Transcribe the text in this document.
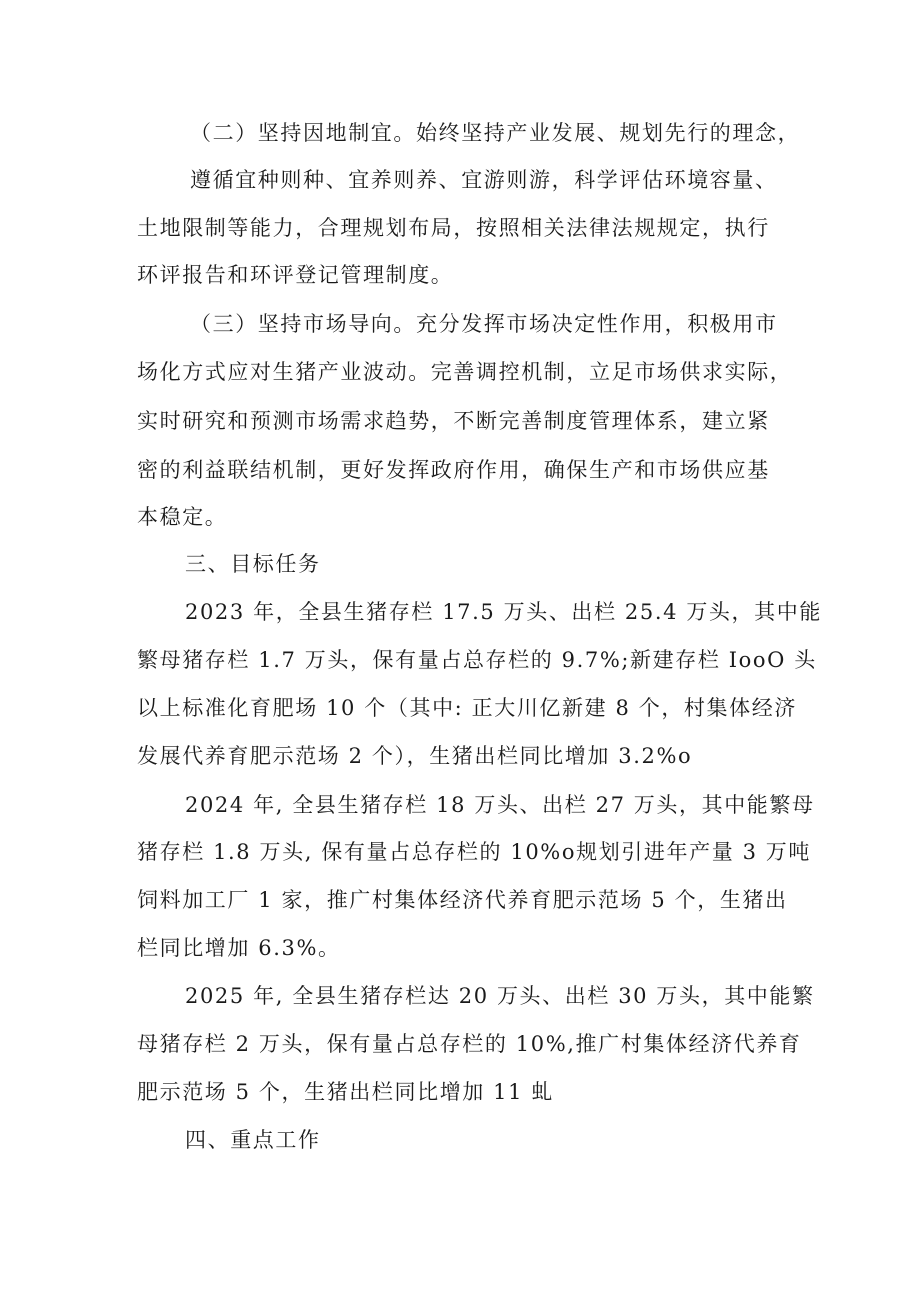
（二）坚持因地制宜。始终坚持产业发展、规划先行的理念，
遵循宜种则种、宜养则养、宜游则游，科学评估环境容量、
土地限制等能力，合理规划布局，按照相关法律法规规定，执行
环评报告和环评登记管理制度。
（三）坚持市场导向。充分发挥市场决定性作用，积极用市
场化方式应对生猪产业波动。完善调控机制，立足市场供求实际，
实时研究和预测市场需求趋势，不断完善制度管理体系，建立紧
密的利益联结机制，更好发挥政府作用，确保生产和市场供应基
本稳定。
三、目标任务
2023 年，全县生猪存栏 17.5 万头、出栏 25.4 万头，其中能
繁母猪存栏 1.7 万头，保有量占总存栏的 9.7%;新建存栏 IooO 头
以上标准化育肥场 10 个（其中: 正大川亿新建 8 个，村集体经济
发展代养育肥示范场 2 个），生猪出栏同比增加 3.2%o
2024 年, 全县生猪存栏 18 万头、出栏 27 万头，其中能繁母
猪存栏 1.8 万头, 保有量占总存栏的 10%o规划引进年产量 3 万吨
饲料加工厂 1 家，推广村集体经济代养育肥示范场 5 个，生猪出
栏同比增加 6.3%。
2025 年, 全县生猪存栏达 20 万头、出栏 30 万头，其中能繁
母猪存栏 2 万头，保有量占总存栏的 10%,推广村集体经济代养育
肥示范场 5 个，生猪出栏同比增加 11 虬
四、重点工作
